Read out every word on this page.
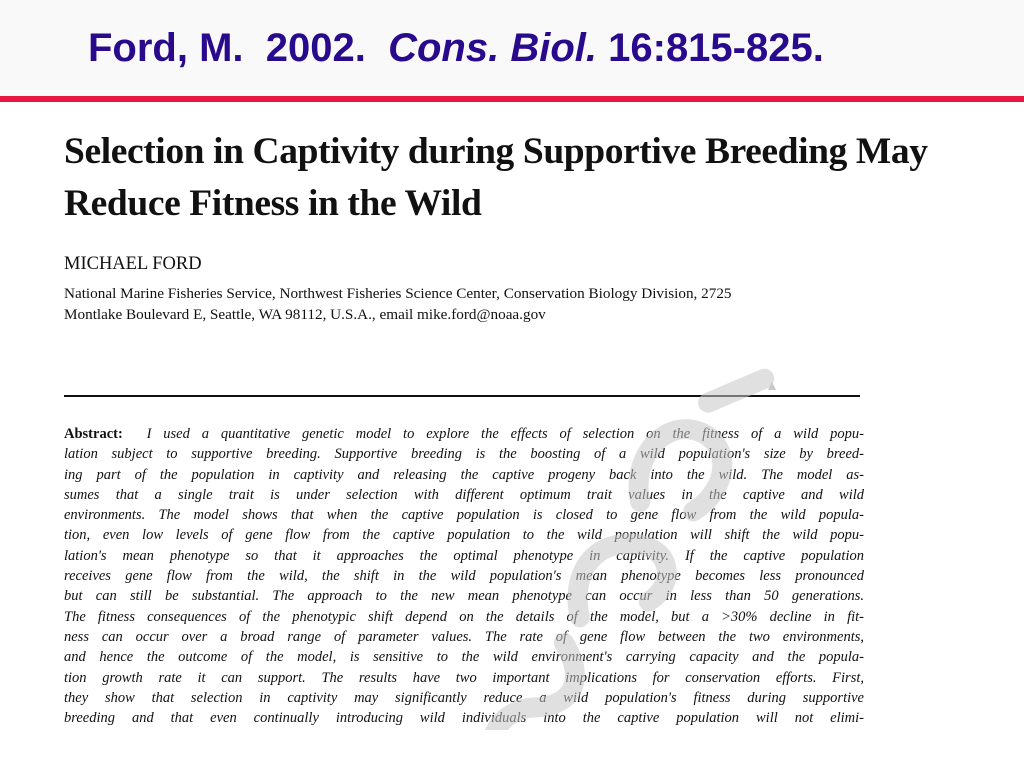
Ford, M. 2002. Cons. Biol. 16:815-825.
Selection in Captivity during Supportive Breeding May Reduce Fitness in the Wild
MICHAEL FORD
National Marine Fisheries Service, Northwest Fisheries Science Center, Conservation Biology Division, 2725
Montlake Boulevard E, Seattle, WA 98112, U.S.A., email mike.ford@noaa.gov
Abstract: I used a quantitative genetic model to explore the effects of selection on the fitness of a wild popu-
lation subject to supportive breeding. Supportive breeding is the boosting of a wild population's size by breed-
ing part of the population in captivity and releasing the captive progeny back into the wild. The model as-
sumes that a single trait is under selection with different optimum trait values in the captive and wild
environments. The model shows that when the captive population is closed to gene flow from the wild popula-
tion, even low levels of gene flow from the captive population to the wild population will shift the wild popu-
lation's mean phenotype so that it approaches the optimal phenotype in captivity. If the captive population
receives gene flow from the wild, the shift in the wild population's mean phenotype becomes less pronounced
but can still be substantial. The approach to the new mean phenotype can occur in less than 50 generations.
The fitness consequences of the phenotypic shift depend on the details of the model, but a >30% decline in fit-
ness can occur over a broad range of parameter values. The rate of gene flow between the two environments,
and hence the outcome of the model, is sensitive to the wild environment's carrying capacity and the popula-
tion growth rate it can support. The results have two important implications for conservation efforts. First,
they show that selection in captivity may significantly reduce a wild population's fitness during supportive
breeding and that even continually introducing wild individuals into the captive population will not elimi-
